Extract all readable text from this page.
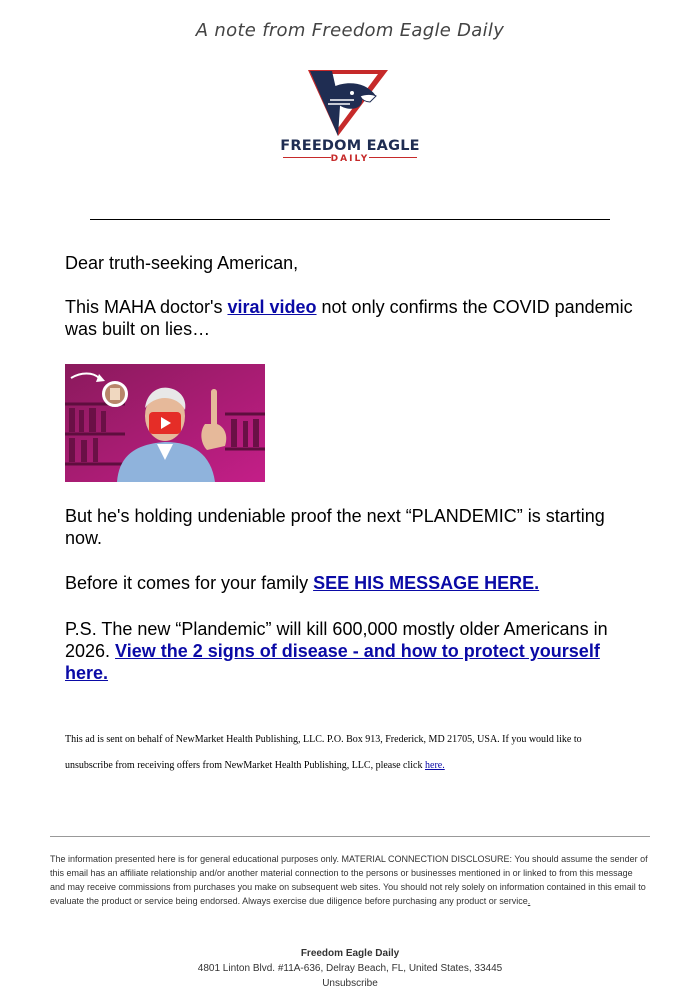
A note from Freedom Eagle Daily
FREEDOM EAGLE
DAILY
Dear truth-seeking American,
This MAHA doctor's viral video not only confirms the COVID pandemic was built on lies…
But he's holding undeniable proof the next “PLANDEMIC” is starting now.
Before it comes for your family SEE HIS MESSAGE HERE.
P.S. The new “Plandemic” will kill 600,000 mostly older Americans in 2026. View the 2 signs of disease - and how to protect yourself here.
This ad is sent on behalf of NewMarket Health Publishing, LLC. P.O. Box 913, Frederick, MD 21705, USA. If you would like to
unsubscribe from receiving offers from NewMarket Health Publishing, LLC, please click here.
The information presented here is for general educational purposes only. MATERIAL CONNECTION DISCLOSURE: You should assume the sender of this email has an affiliate relationship and/or another material connection to the persons or businesses mentioned in or linked to from this message and may receive commissions from purchases you make on subsequent web sites. You should not rely solely on information contained in this email to evaluate the product or service being endorsed. Always exercise due diligence before purchasing any product or service.
Freedom Eagle Daily
4801 Linton Blvd. #11A-636, Delray Beach, FL, United States, 33445
Unsubscribe
